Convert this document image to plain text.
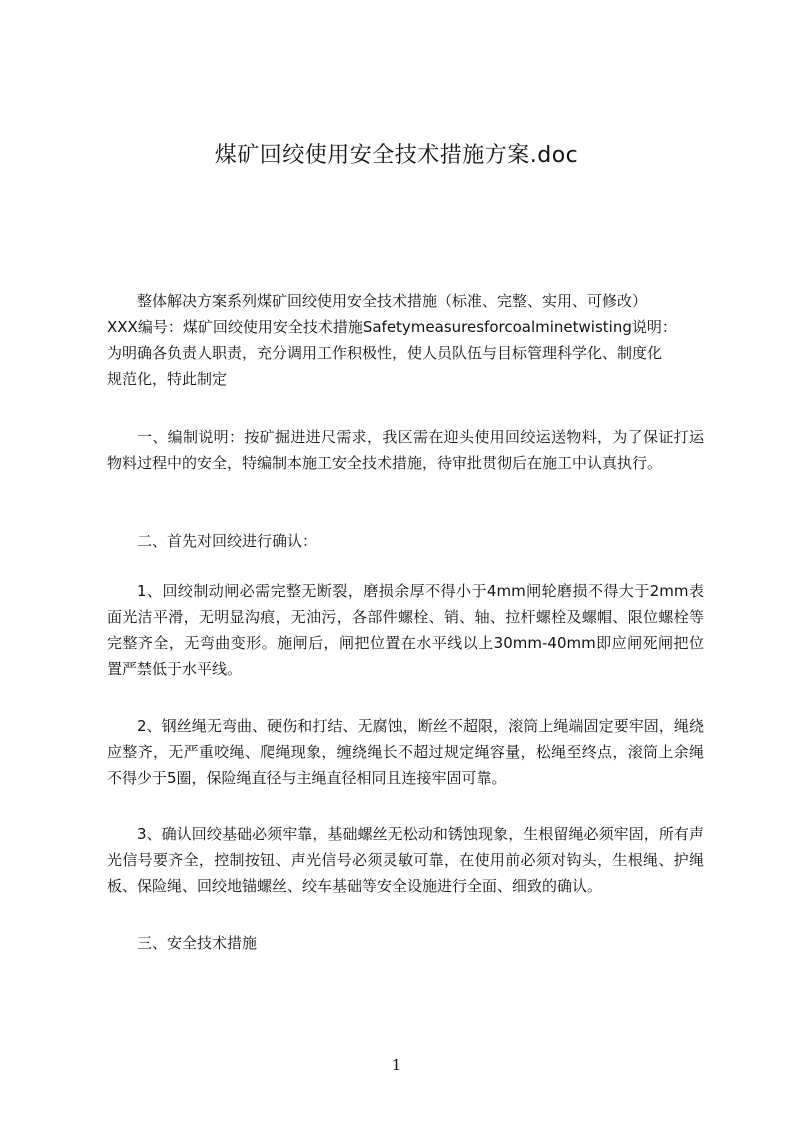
煤矿回绞使用安全技术措施方案.doc
整体解决方案系列煤矿回绞使用安全技术措施（标准、完整、实用、可修改）
XXX编号：煤矿回绞使用安全技术措施Safetymeasuresforcoalminetwisting说明：
为明确各负责人职责，充分调用工作积极性，使人员队伍与目标管理科学化、制度化
规范化，特此制定

一、编制说明：按矿掘进进尺需求，我区需在迎头使用回绞运送物料，为了保证打运物料过程中的安全，特编制本施工安全技术措施，待审批贯彻后在施工中认真执行。

二、首先对回绞进行确认：

1、回绞制动闸必需完整无断裂，磨损余厚不得小于4mm闸轮磨损不得大于2mm表面光洁平滑，无明显沟痕，无油污，各部件螺栓、销、轴、拉杆螺栓及螺帽、限位螺栓等完整齐全，无弯曲变形。施闸后，闸把位置在水平线以上30mm-40mm即应闸死闸把位置严禁低于水平线。

2、钢丝绳无弯曲、硬伤和打结、无腐蚀，断丝不超限，滚筒上绳端固定要牢固，绳绕应整齐，无严重咬绳、爬绳现象，缠绕绳长不超过规定绳容量，松绳至终点，滚筒上余绳不得少于5圈，保险绳直径与主绳直径相同且连接牢固可靠。

3、确认回绞基础必须牢靠，基础螺丝无松动和锈蚀现象，生根留绳必须牢固，所有声光信号要齐全，控制按钮、声光信号必须灵敏可靠，在使用前必须对钩头，生根绳、护绳板、保险绳、回绞地锚螺丝、绞车基础等安全设施进行全面、细致的确认。

三、安全技术措施

1
